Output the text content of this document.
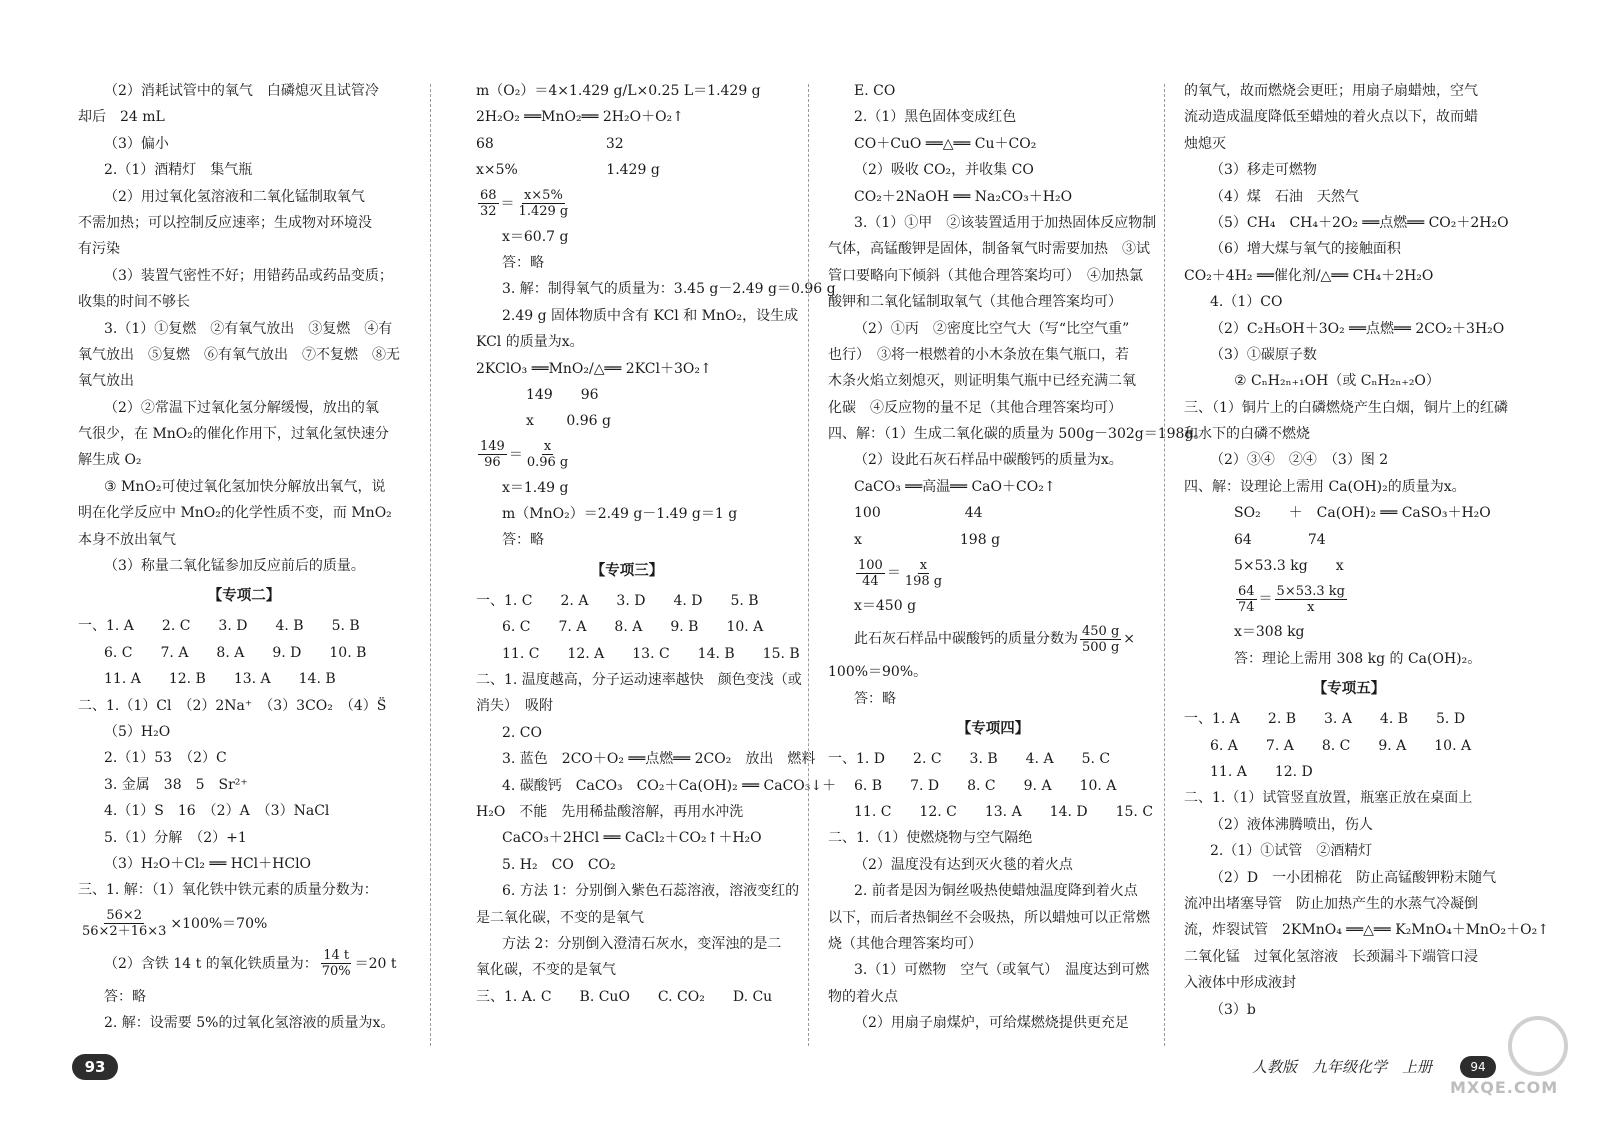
（2）消耗试管中的氧气　白磷熄灭且试管冷
却后　24 mL
（3）偏小
2.（1）酒精灯　集气瓶
（2）用过氧化氢溶液和二氧化锰制取氧气
不需加热；可以控制反应速率；生成物对环境没
有污染
（3）装置气密性不好；用错药品或药品变质；
收集的时间不够长
3.（1）①复燃　②有氧气放出　③复燃　④有
氧气放出　⑤复燃　⑥有氧气放出　⑦不复燃　⑧无
氧气放出
（2）②常温下过氧化氢分解缓慢，放出的氧
气很少，在 MnO₂的催化作用下，过氧化氢快速分
解生成 O₂
③ MnO₂可使过氧化氢加快分解放出氧气，说
明在化学反应中 MnO₂的化学性质不变，而 MnO₂
本身不放出氧气
（3）称量二氧化锰参加反应前后的质量。
【专项二】
一、1. A　　2. C　　3. D　　4. B　　5. B
6. C　　7. A　　8. A　　9. D　　10. B
11. A　　12. B　　13. A　　14. B
二、1.（1）Cl　（2）2Na⁺　（3）3CO₂　（4）S̈
（5）H₂O
2.（1）53　（2）C
3. 金属　38　5　Sr²⁺
4.（1）S　16　（2）A　（3）NaCl
5.（1）分解　（2）+1
（3）H₂O＋Cl₂ ══ HCl＋HClO
三、1. 解：（1）氧化铁中铁元素的质量分数为：
$\frac{56\times 2}{56\times 2+16\times 3} \times 100\%=70\%$
（2）含铁 14 t 的氧化铁质量为： $\frac{14 t}{70\%} =20$ t
答：略
2. 解：设需要 5%的过氧化氢溶液的质量为x。
m（O₂）＝4×1.429 g/L×0.25 L＝1.429 g
2H₂O₂ ══MnO₂══ 2H₂O＋O₂↑
68　　　　　　　　32
x×5%　　　　　　 1.429 g
$\frac{68}{32} = \frac{x\times 5\%}{1.429 g}$
x＝60.7 g
答：略
3. 解：制得氧气的质量为：3.45 g－2.49 g＝0.96 g
2.49 g 固体物质中含有 KCl 和 MnO₂，设生成
KCl 的质量为x。
2KClO₃ ══MnO₂/△══ 2KCl＋3O₂↑
149　　96
x　　 0.96 g
$\frac{149}{96} = \frac{x}{0.96 g}$
x＝1.49 g
m（MnO₂）＝2.49 g－1.49 g＝1 g
答：略
【专项三】
一、1. C　　2. A　　3. D　　4. D　　5. B
6. C　　7. A　　8. A　　9. B　　10. A
11. C　　12. A　　13. C　　14. B　　15. B
二、1. 温度越高，分子运动速率越快　颜色变浅（或
消失）　吸附
2. CO
3. 蓝色　2CO＋O₂ ══点燃══ 2CO₂　放出　燃料
4. 碳酸钙　CaCO₃　CO₂＋Ca(OH)₂ ══ CaCO₃↓＋
H₂O　不能　先用稀盐酸溶解，再用水冲洗
CaCO₃＋2HCl ══ CaCl₂＋CO₂↑＋H₂O
5. H₂　CO　CO₂
6. 方法 1：分别倒入紫色石蕊溶液，溶液变红的
是二氧化碳，不变的是氧气
方法 2：分别倒入澄清石灰水，变浑浊的是二
氧化碳，不变的是氧气
三、1. A. C　　B. CuO　　C. CO₂　　D. Cu
E. CO
2.（1）黑色固体变成红色
CO＋CuO ══△══ Cu＋CO₂
（2）吸收 CO₂，并收集 CO
CO₂＋2NaOH ══ Na₂CO₃＋H₂O
3.（1）①甲　②该装置适用于加热固体反应物制
气体，高锰酸钾是固体，制备氧气时需要加热　③试
管口要略向下倾斜（其他合理答案均可）　④加热氯
酸钾和二氧化锰制取氧气（其他合理答案均可）
（2）①丙　②密度比空气大（写“比空气重”
也行）　③将一根燃着的小木条放在集气瓶口，若
木条火焰立刻熄灭，则证明集气瓶中已经充满二氧
化碳　④反应物的量不足（其他合理答案均可）
四、解：（1）生成二氧化碳的质量为 500g－302g＝198g。
（2）设此石灰石样品中碳酸钙的质量为x。
CaCO₃ ══高温══ CaO＋CO₂↑
100　　　　　　44
x　　　　　　　198 g
$\frac{100}{44} = \frac{x}{198 g}$
x＝450 g
此石灰石样品中碳酸钙的质量分数为 $\frac{450 g}{500 g}$ ×
100%＝90%。
答：略
【专项四】
一、1. D　　2. C　　3. B　　4. A　　5. C
6. B　　7. D　　8. C　　9. A　　10. A
11. C　　12. C　　13. A　　14. D　　15. C
二、1.（1）使燃烧物与空气隔绝
（2）温度没有达到灭火毯的着火点
2. 前者是因为铜丝吸热使蜡烛温度降到着火点
以下，而后者热铜丝不会吸热，所以蜡烛可以正常燃
烧（其他合理答案均可）
3.（1）可燃物　空气（或氧气）　温度达到可燃
物的着火点
（2）用扇子扇煤炉，可给煤燃烧提供更充足
的氧气，故而燃烧会更旺；用扇子扇蜡烛，空气
流动造成温度降低至蜡烛的着火点以下，故而蜡
烛熄灭
（3）移走可燃物
（4）煤　石油　天然气
（5）CH₄　CH₄＋2O₂ ══点燃══ CO₂＋2H₂O
（6）增大煤与氧气的接触面积
CO₂＋4H₂ ══催化剂/△══ CH₄＋2H₂O
4.（1）CO
（2）C₂H₅OH＋3O₂ ══点燃══ 2CO₂＋3H₂O
（3）①碳原子数
② CₙH₂ₙ₊₁OH（或 CₙH₂ₙ₊₂O）
三、（1）铜片上的白磷燃烧产生白烟，铜片上的红磷
和水下的白磷不燃烧
（2）③④　②④　（3）图 2
四、解：设理论上需用 Ca(OH)₂的质量为x。
SO₂　　＋　Ca(OH)₂ ══ CaSO₃＋H₂O
64　　　　74
5×53.3 kg　　x
$\frac{64}{74} = \frac{5\times 53.3 kg}{x}$
x＝308 kg
答：理论上需用 308 kg 的 Ca(OH)₂。
【专项五】
一、1. A　　2. B　　3. A　　4. B　　5. D
6. A　　7. A　　8. C　　9. A　　10. A
11. A　　12. D
二、1.（1）试管竖直放置，瓶塞正放在桌面上
（2）液体沸腾喷出，伤人
2.（1）①试管　②酒精灯
（2）D　一小团棉花　防止高锰酸钾粉末随气
流冲出堵塞导管　防止加热产生的水蒸气冷凝倒
流，炸裂试管　2KMnO₄ ══△══ K₂MnO₄＋MnO₂＋O₂↑
二氧化锰　过氧化氢溶液　长颈漏斗下端管口浸
入液体中形成液封
（3）b
93	人教版　九年级化学　上册	94
MXQE.COM
